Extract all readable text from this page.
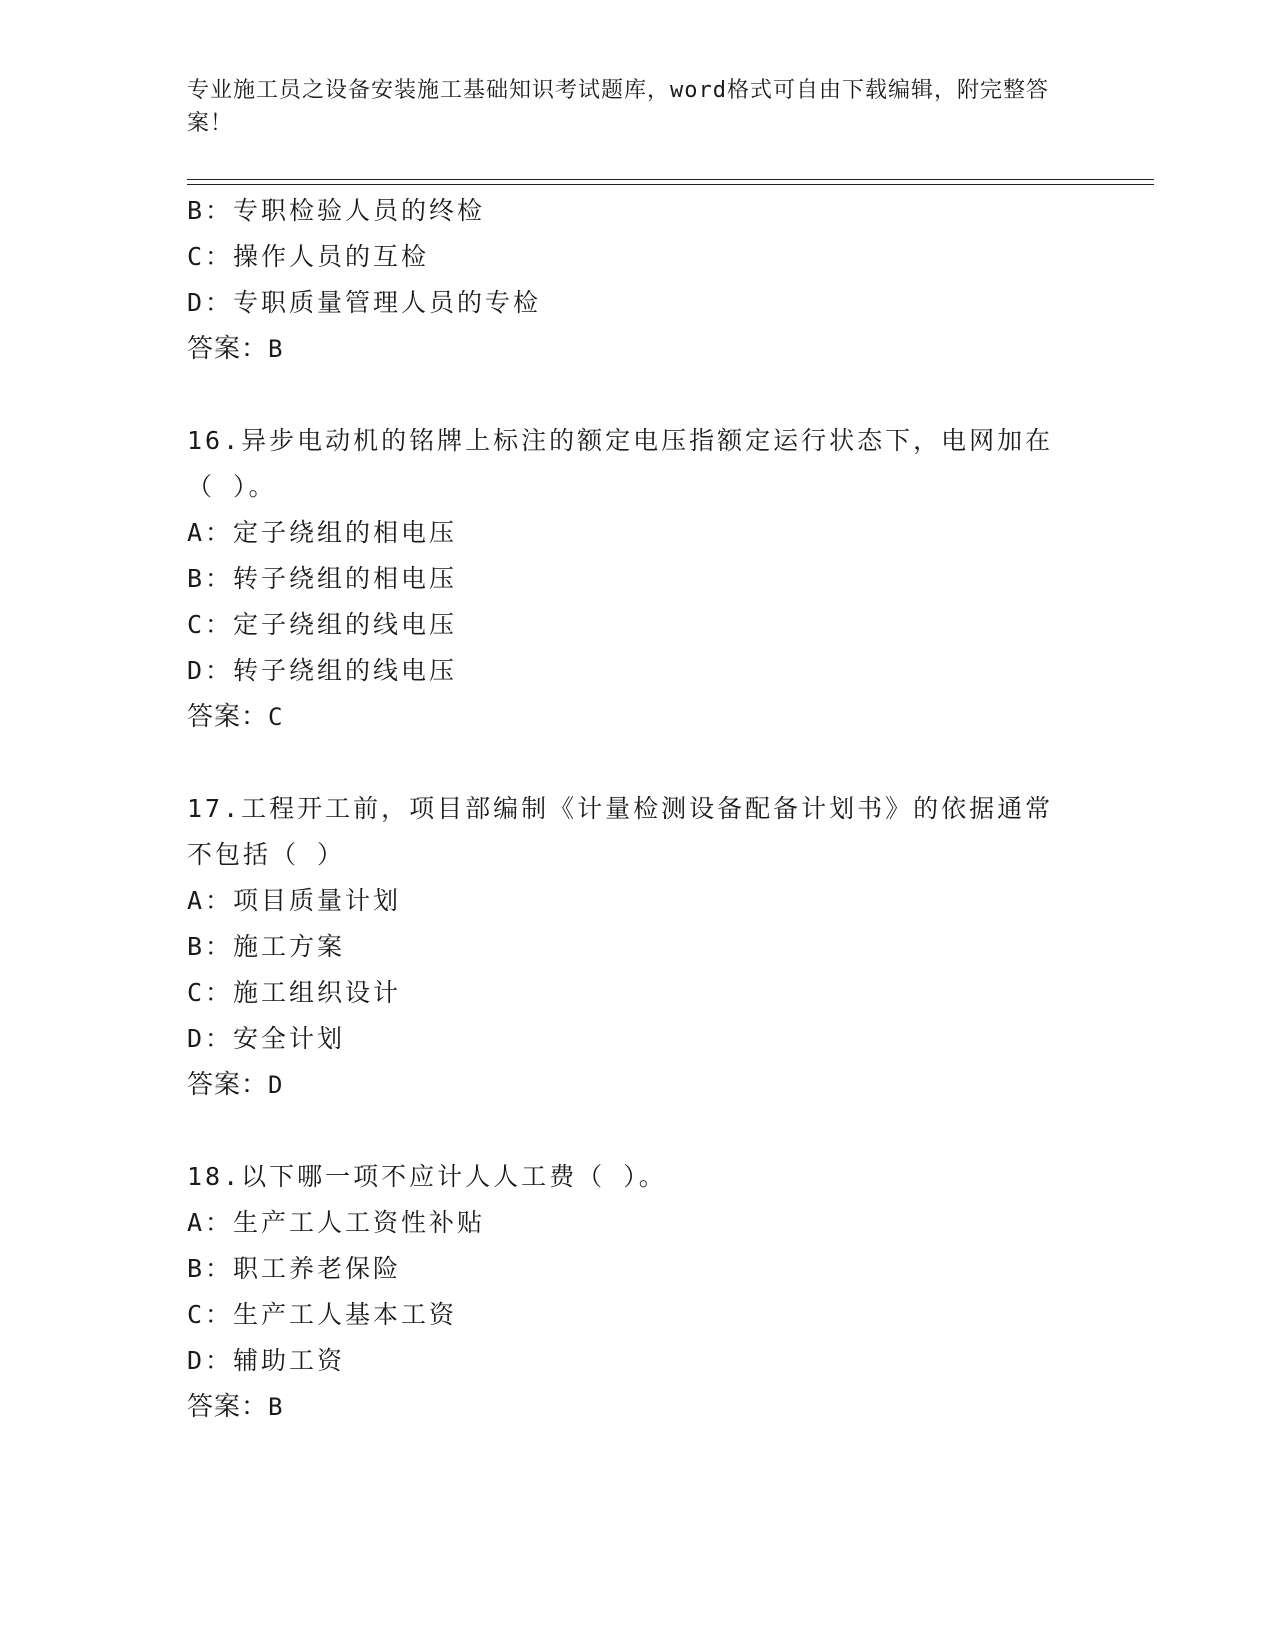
专业施工员之设备安装施工基础知识考试题库，word格式可自由下载编辑，附完整答案！
B：专职检验人员的终检
C：操作人员的互检
D：专职质量管理人员的专检
答案：B
16.异步电动机的铭牌上标注的额定电压指额定运行状态下，电网加在（ ）。
A：定子绕组的相电压
B：转子绕组的相电压
C：定子绕组的线电压
D：转子绕组的线电压
答案：C
17.工程开工前，项目部编制《计量检测设备配备计划书》的依据通常不包括（ ）
A：项目质量计划
B：施工方案
C：施工组织设计
D：安全计划
答案：D
18.以下哪一项不应计人人工费（ ）。
A：生产工人工资性补贴
B：职工养老保险
C：生产工人基本工资
D：辅助工资
答案：B
